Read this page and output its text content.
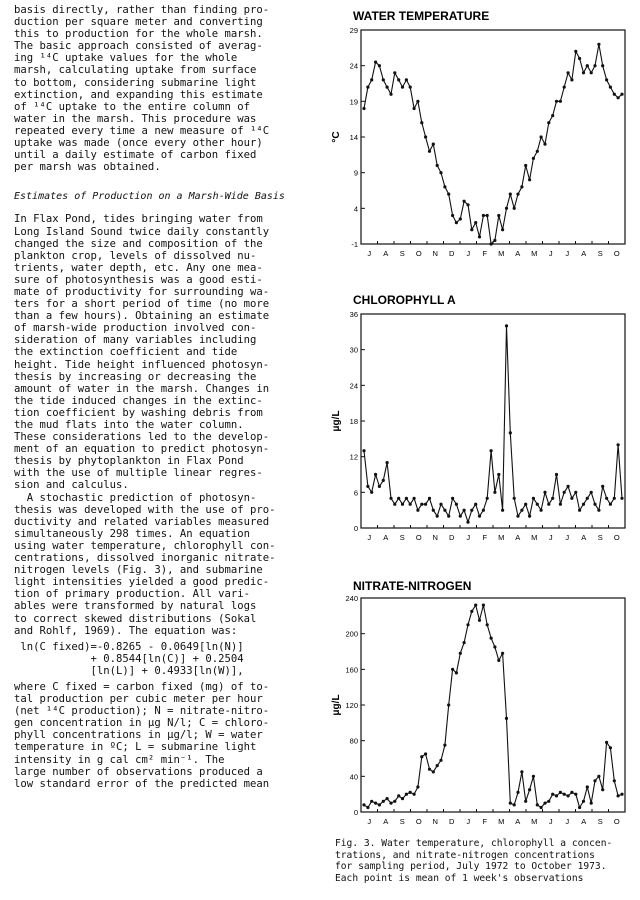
basis directly, rather than finding pro-

duction per square meter and converting

this to production for the whole marsh.

The basic approach consisted of averag-

ing ¹⁴C uptake values for the whole

marsh, calculating uptake from surface

to bottom, considering submarine light

extinction, and expanding this estimate

of ¹⁴C uptake to the entire column of

water in the marsh. This procedure was

repeated every time a new measure of ¹⁴C

uptake was made (once every other hour)

until a daily estimate of carbon fixed

per marsh was obtained.

Estimates of Production on a Marsh-Wide Basis

In Flax Pond, tides bringing water from

Long Island Sound twice daily constantly

changed the size and composition of the

plankton crop, levels of dissolved nu-

trients, water depth, etc. Any one mea-

sure of photosynthesis was a good esti-

mate of productivity for surrounding wa-

ters for a short period of time (no more

than a few hours). Obtaining an estimate

of marsh-wide production involved con-

sideration of many variables including

the extinction coefficient and tide

height. Tide height influenced photosyn-

thesis by increasing or decreasing the

amount of water in the marsh. Changes in

the tide induced changes in the extinc-

tion coefficient by washing debris from

the mud flats into the water column.

These considerations led to the develop-

ment of an equation to predict photosyn-

thesis by phytoplankton in Flax Pond

with the use of multiple linear regres-

sion and calculus.

A stochastic prediction of photosyn-

thesis was developed with the use of pro-

ductivity and related variables measured

simultaneously 298 times. An equation

using water temperature, chlorophyll con-

centrations, dissolved inorganic nitrate-

nitrogen levels (Fig. 3), and submarine

light intensities yielded a good predic-

tion of primary production. All vari-

ables were transformed by natural logs

to correct skewed distributions (Sokal

and Rohlf, 1969). The equation was:

ln(C fixed)=-0.8265 - 0.0649[ln(N)]

+ 0.8544[ln(C)] + 0.2504

[ln(L)] + 0.4933[ln(W)],

where C fixed = carbon fixed (mg) of to-

tal production per cubic meter per hour

(net ¹⁴C production); N = nitrate-nitro-

gen concentration in μg N/l; C = chloro-

phyll concentrations in μg/l; W = water

temperature in ºC; L = submarine light

intensity in g cal cm² min⁻¹. The

large number of observations produced a

low standard error of the predicted mean

WATER TEMPERATURE
°C
-1
4
9
14
19
24
29
J A S O N D J F M A M J J A S O
CHLOROPHYLL A
μg/L
0
6
12
18
24
30
36
J A S O N D J F M A M J J A S O
NITRATE-NITROGEN
μg/L
0
40
80
120
160
200
240
J A S O N D J F M A M J J A S O
Fig. 3. Water temperature, chlorophyll a concen-
trations, and nitrate-nitrogen concentrations
for sampling period, July 1972 to October 1973.
Each point is mean of 1 week's observations
